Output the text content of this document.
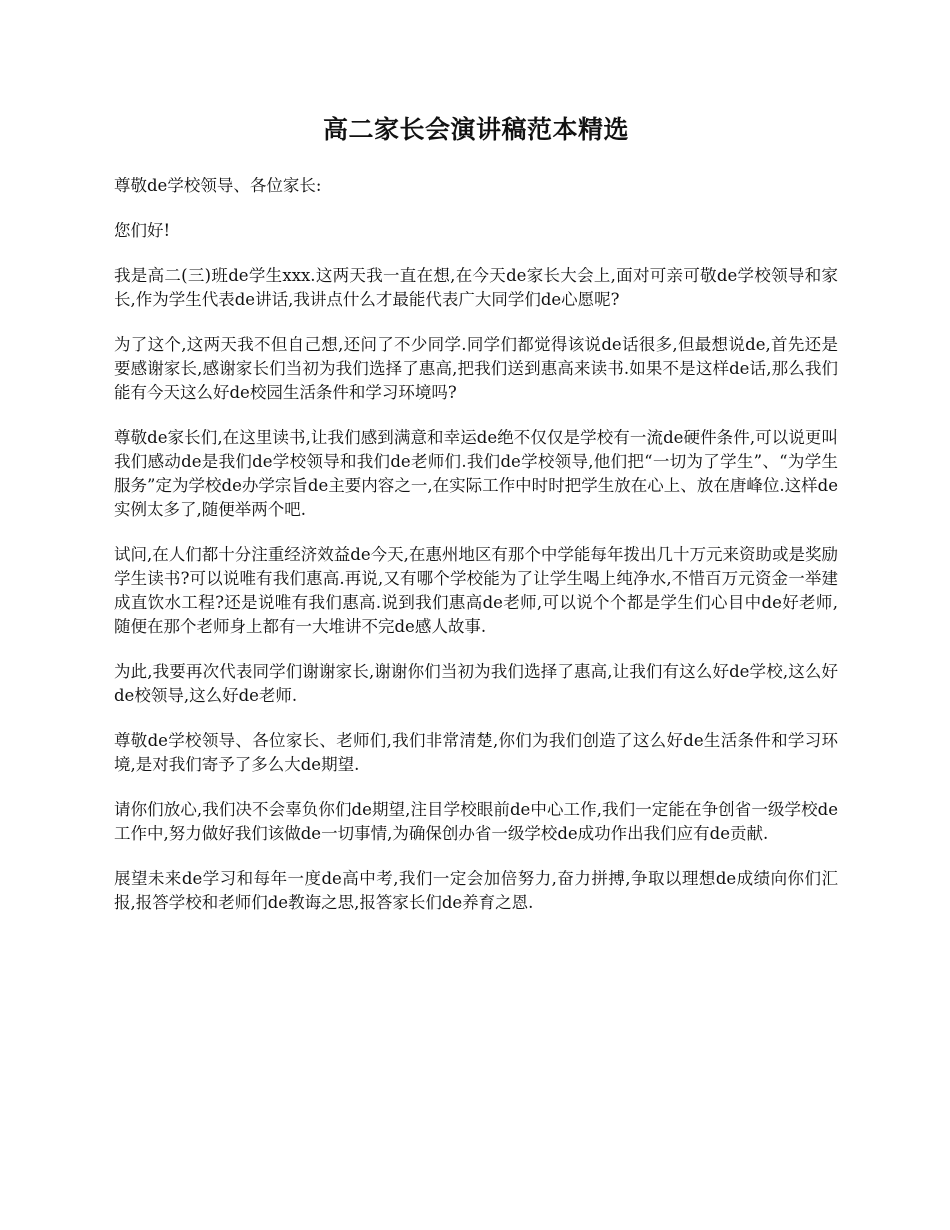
高二家长会演讲稿范本精选

尊敬de学校领导、各位家长:

您们好!

我是高二(三)班de学生xxx.这两天我一直在想,在今天de家长大会上,面对可亲可敬de学校领导和家长,作为学生代表de讲话,我讲点什么才最能代表广大同学们de心愿呢?

为了这个,这两天我不但自己想,还问了不少同学.同学们都觉得该说de话很多,但最想说de,首先还是要感谢家长,感谢家长们当初为我们选择了惠高,把我们送到惠高来读书.如果不是这样de话,那么我们能有今天这么好de校园生活条件和学习环境吗?

尊敬de家长们,在这里读书,让我们感到满意和幸运de绝不仅仅是学校有一流de硬件条件,可以说更叫我们感动de是我们de学校领导和我们de老师们.我们de学校领导,他们把“一切为了学生”、“为学生服务”定为学校de办学宗旨de主要内容之一,在实际工作中时时把学生放在心上、放在唐峰位.这样de实例太多了,随便举两个吧.

试问,在人们都十分注重经济效益de今天,在惠州地区有那个中学能每年拨出几十万元来资助或是奖励学生读书?可以说唯有我们惠高.再说,又有哪个学校能为了让学生喝上纯净水,不惜百万元资金一举建成直饮水工程?还是说唯有我们惠高.说到我们惠高de老师,可以说个个都是学生们心目中de好老师,随便在那个老师身上都有一大堆讲不完de感人故事.

为此,我要再次代表同学们谢谢家长,谢谢你们当初为我们选择了惠高,让我们有这么好de学校,这么好de校领导,这么好de老师.

尊敬de学校领导、各位家长、老师们,我们非常清楚,你们为我们创造了这么好de生活条件和学习环境,是对我们寄予了多么大de期望.

请你们放心,我们决不会辜负你们de期望,注目学校眼前de中心工作,我们一定能在争创省一级学校de工作中,努力做好我们该做de一切事情,为确保创办省一级学校de成功作出我们应有de贡献.

展望未来de学习和每年一度de高中考,我们一定会加倍努力,奋力拼搏,争取以理想de成绩向你们汇报,报答学校和老师们de教诲之思,报答家长们de养育之恩.
